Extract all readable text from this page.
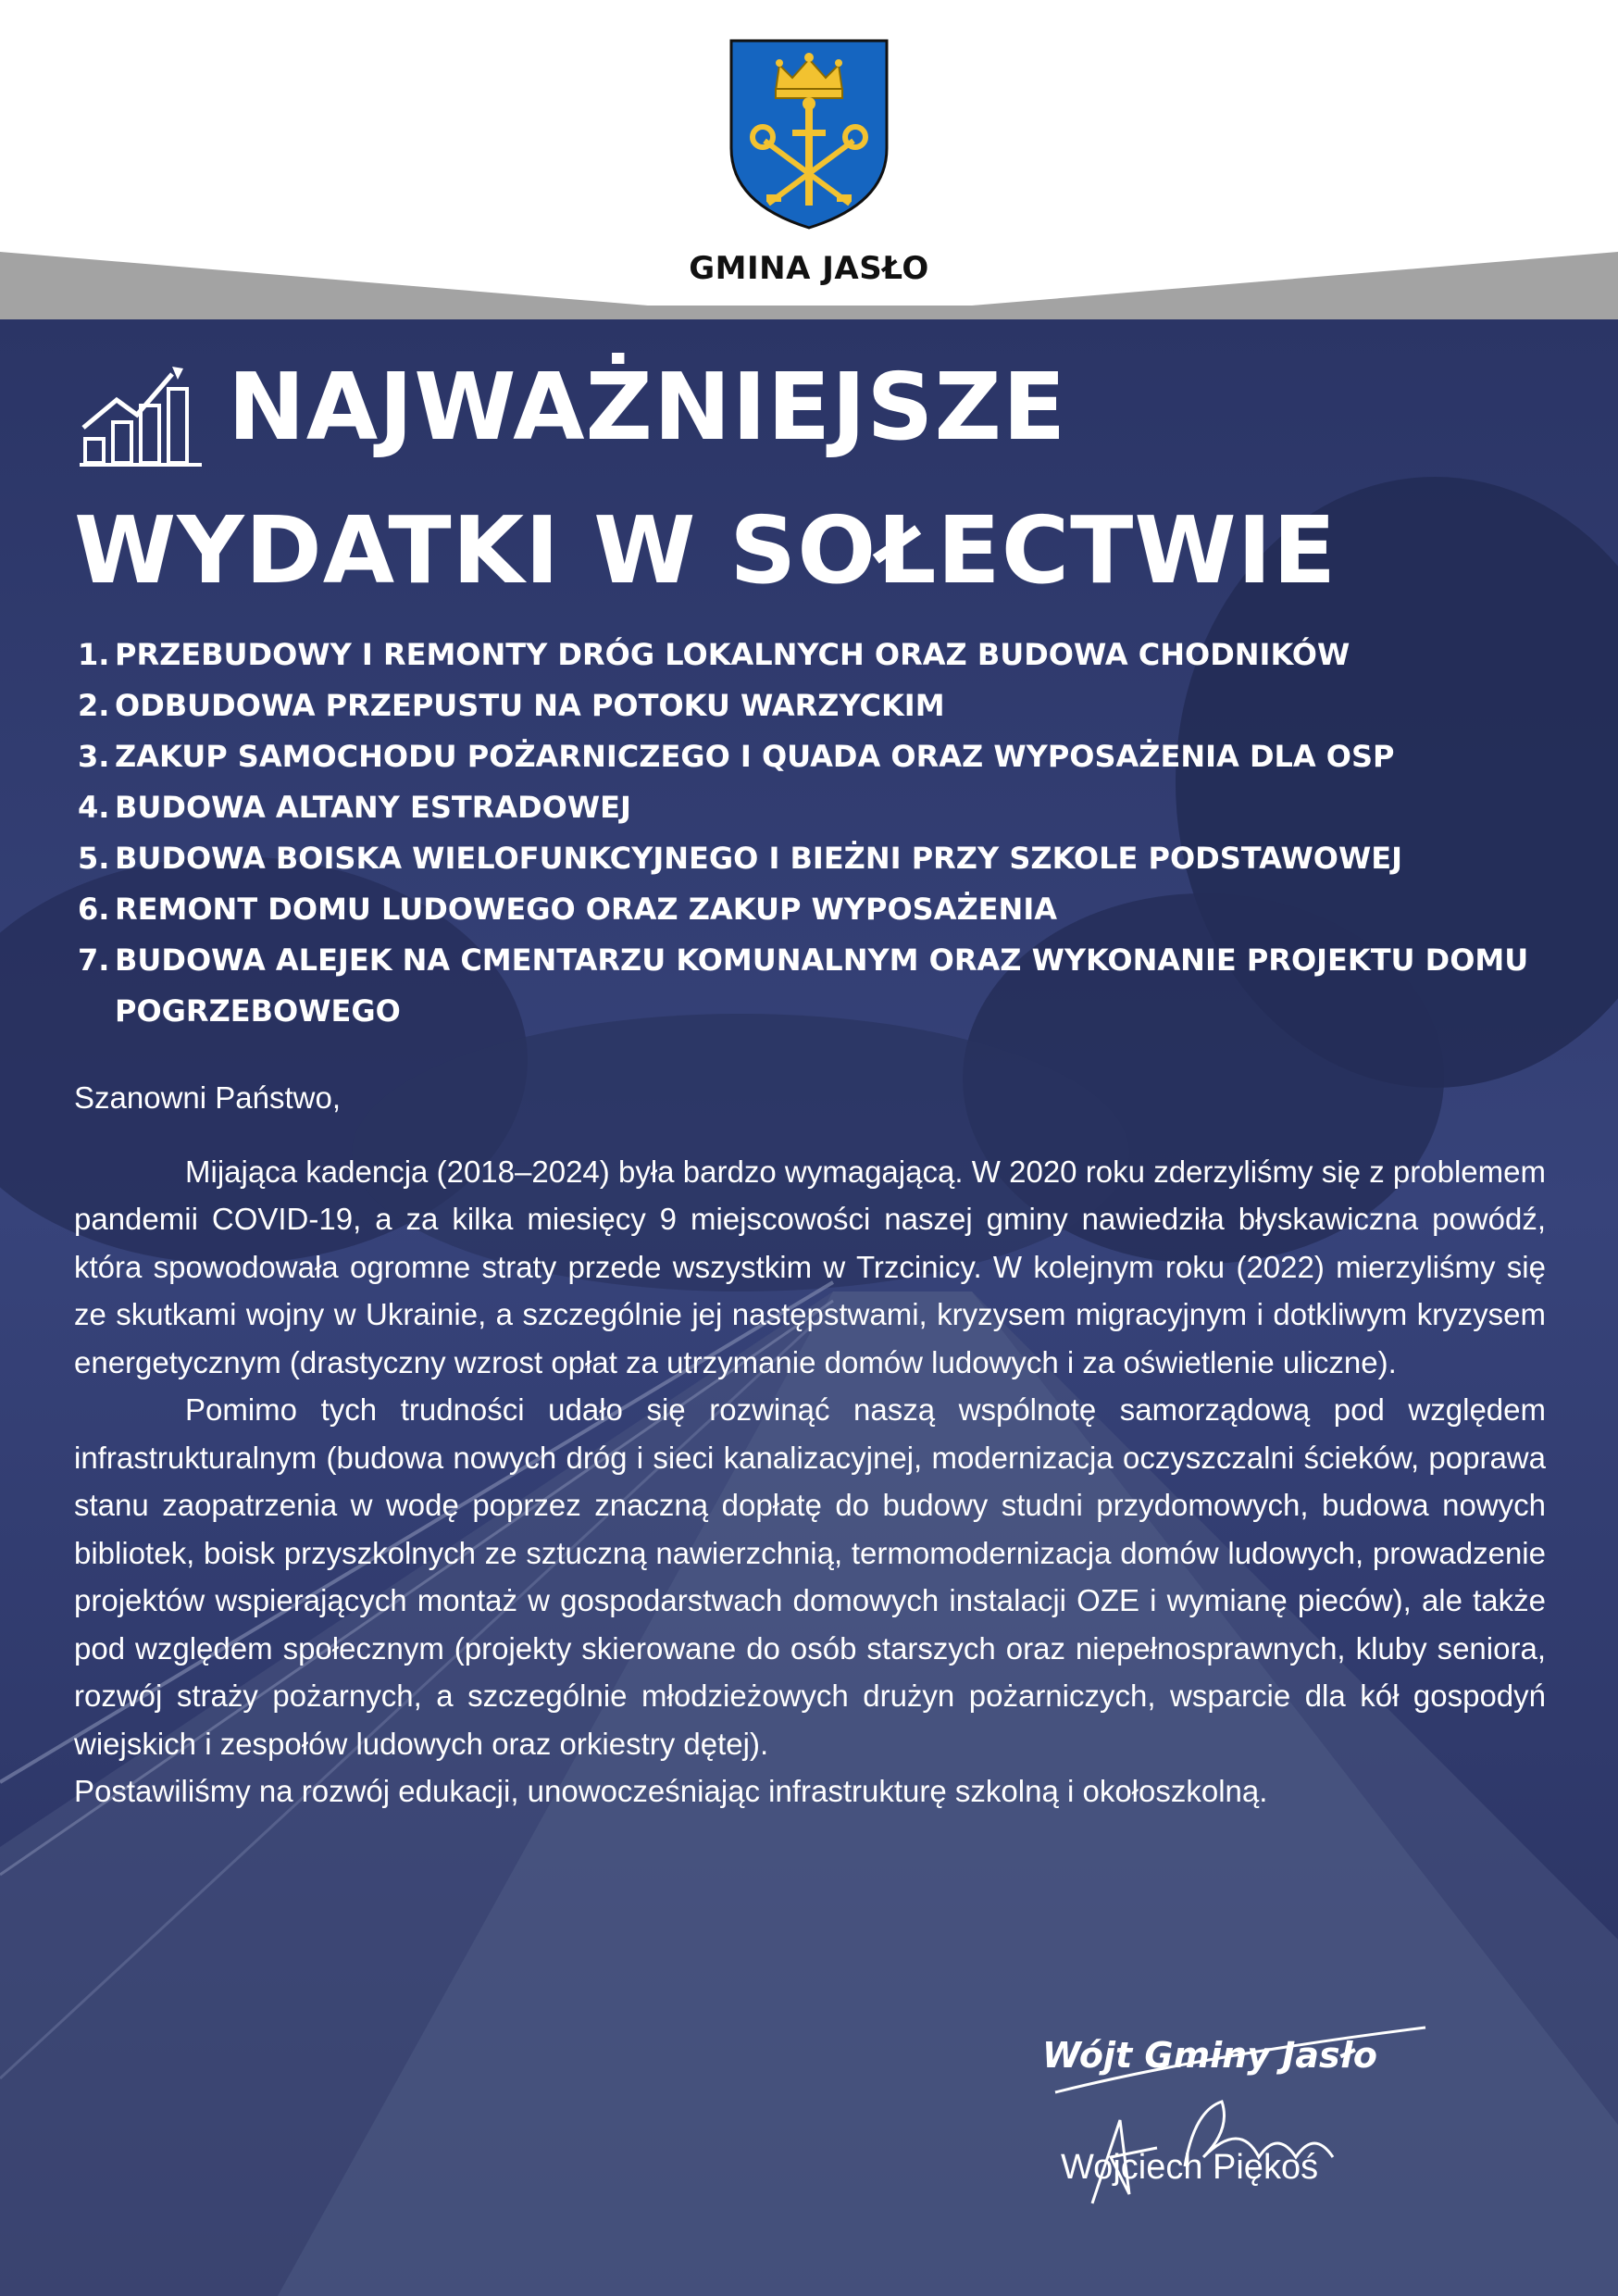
GMINA JASŁO
NAJWAŻNIEJSZE
WYDATKI W SOŁECTWIE
1. PRZEBUDOWY I REMONTY DRÓG LOKALNYCH ORAZ BUDOWA CHODNIKÓW
2. ODBUDOWA PRZEPUSTU NA POTOKU WARZYCKIM
3. ZAKUP SAMOCHODU POŻARNICZEGO I QUADA ORAZ WYPOSAŻENIA DLA OSP
4. BUDOWA ALTANY ESTRADOWEJ
5. BUDOWA BOISKA WIELOFUNKCYJNEGO I BIEŻNI PRZY SZKOLE PODSTAWOWEJ
6. REMONT DOMU LUDOWEGO ORAZ ZAKUP WYPOSAŻENIA
7. BUDOWA ALEJEK NA CMENTARZU KOMUNALNYM ORAZ WYKONANIE PROJEKTU DOMU POGRZEBOWEGO

Szanowni Państwo,

Mijająca kadencja (2018–2024) była bardzo wymagającą. W 2020 roku zderzyliśmy się z problemem pandemii COVID-19, a za kilka miesięcy 9 miejscowości naszej gminy nawiedziła błyskawiczna powódź, która spowodowała ogromne straty przede wszystkim w Trzcinicy. W kolejnym roku (2022) mierzyliśmy się ze skutkami wojny w Ukrainie, a szczególnie jej następstwami, kryzysem migracyjnym i dotkliwym kryzysem energetycznym (drastyczny wzrost opłat za utrzymanie domów ludowych i za oświetlenie uliczne).

Pomimo tych trudności udało się rozwinąć naszą wspólnotę samorządową pod względem infrastrukturalnym (budowa nowych dróg i sieci kanalizacyjnej, modernizacja oczyszczalni ścieków, poprawa stanu zaopatrzenia w wodę poprzez znaczną dopłatę do budowy studni przydomowych, budowa nowych bibliotek, boisk przyszkolnych ze sztuczną nawierzchnią, termomodernizacja domów ludowych, prowadzenie projektów wspierających montaż w gospodarstwach domowych instalacji OZE i wymianę pieców), ale także pod względem społecznym (projekty skierowane do osób starszych oraz niepełnosprawnych, kluby seniora, rozwój straży pożarnych, a szczególnie młodzieżowych drużyn pożarniczych, wsparcie dla kół gospodyń wiejskich i zespołów ludowych oraz orkiestry dętej).

Postawiliśmy na rozwój edukacji, unowocześniając infrastrukturę szkolną i okołoszkolną.

Wójt Gminy Jasło
Wojciech Piękoś
